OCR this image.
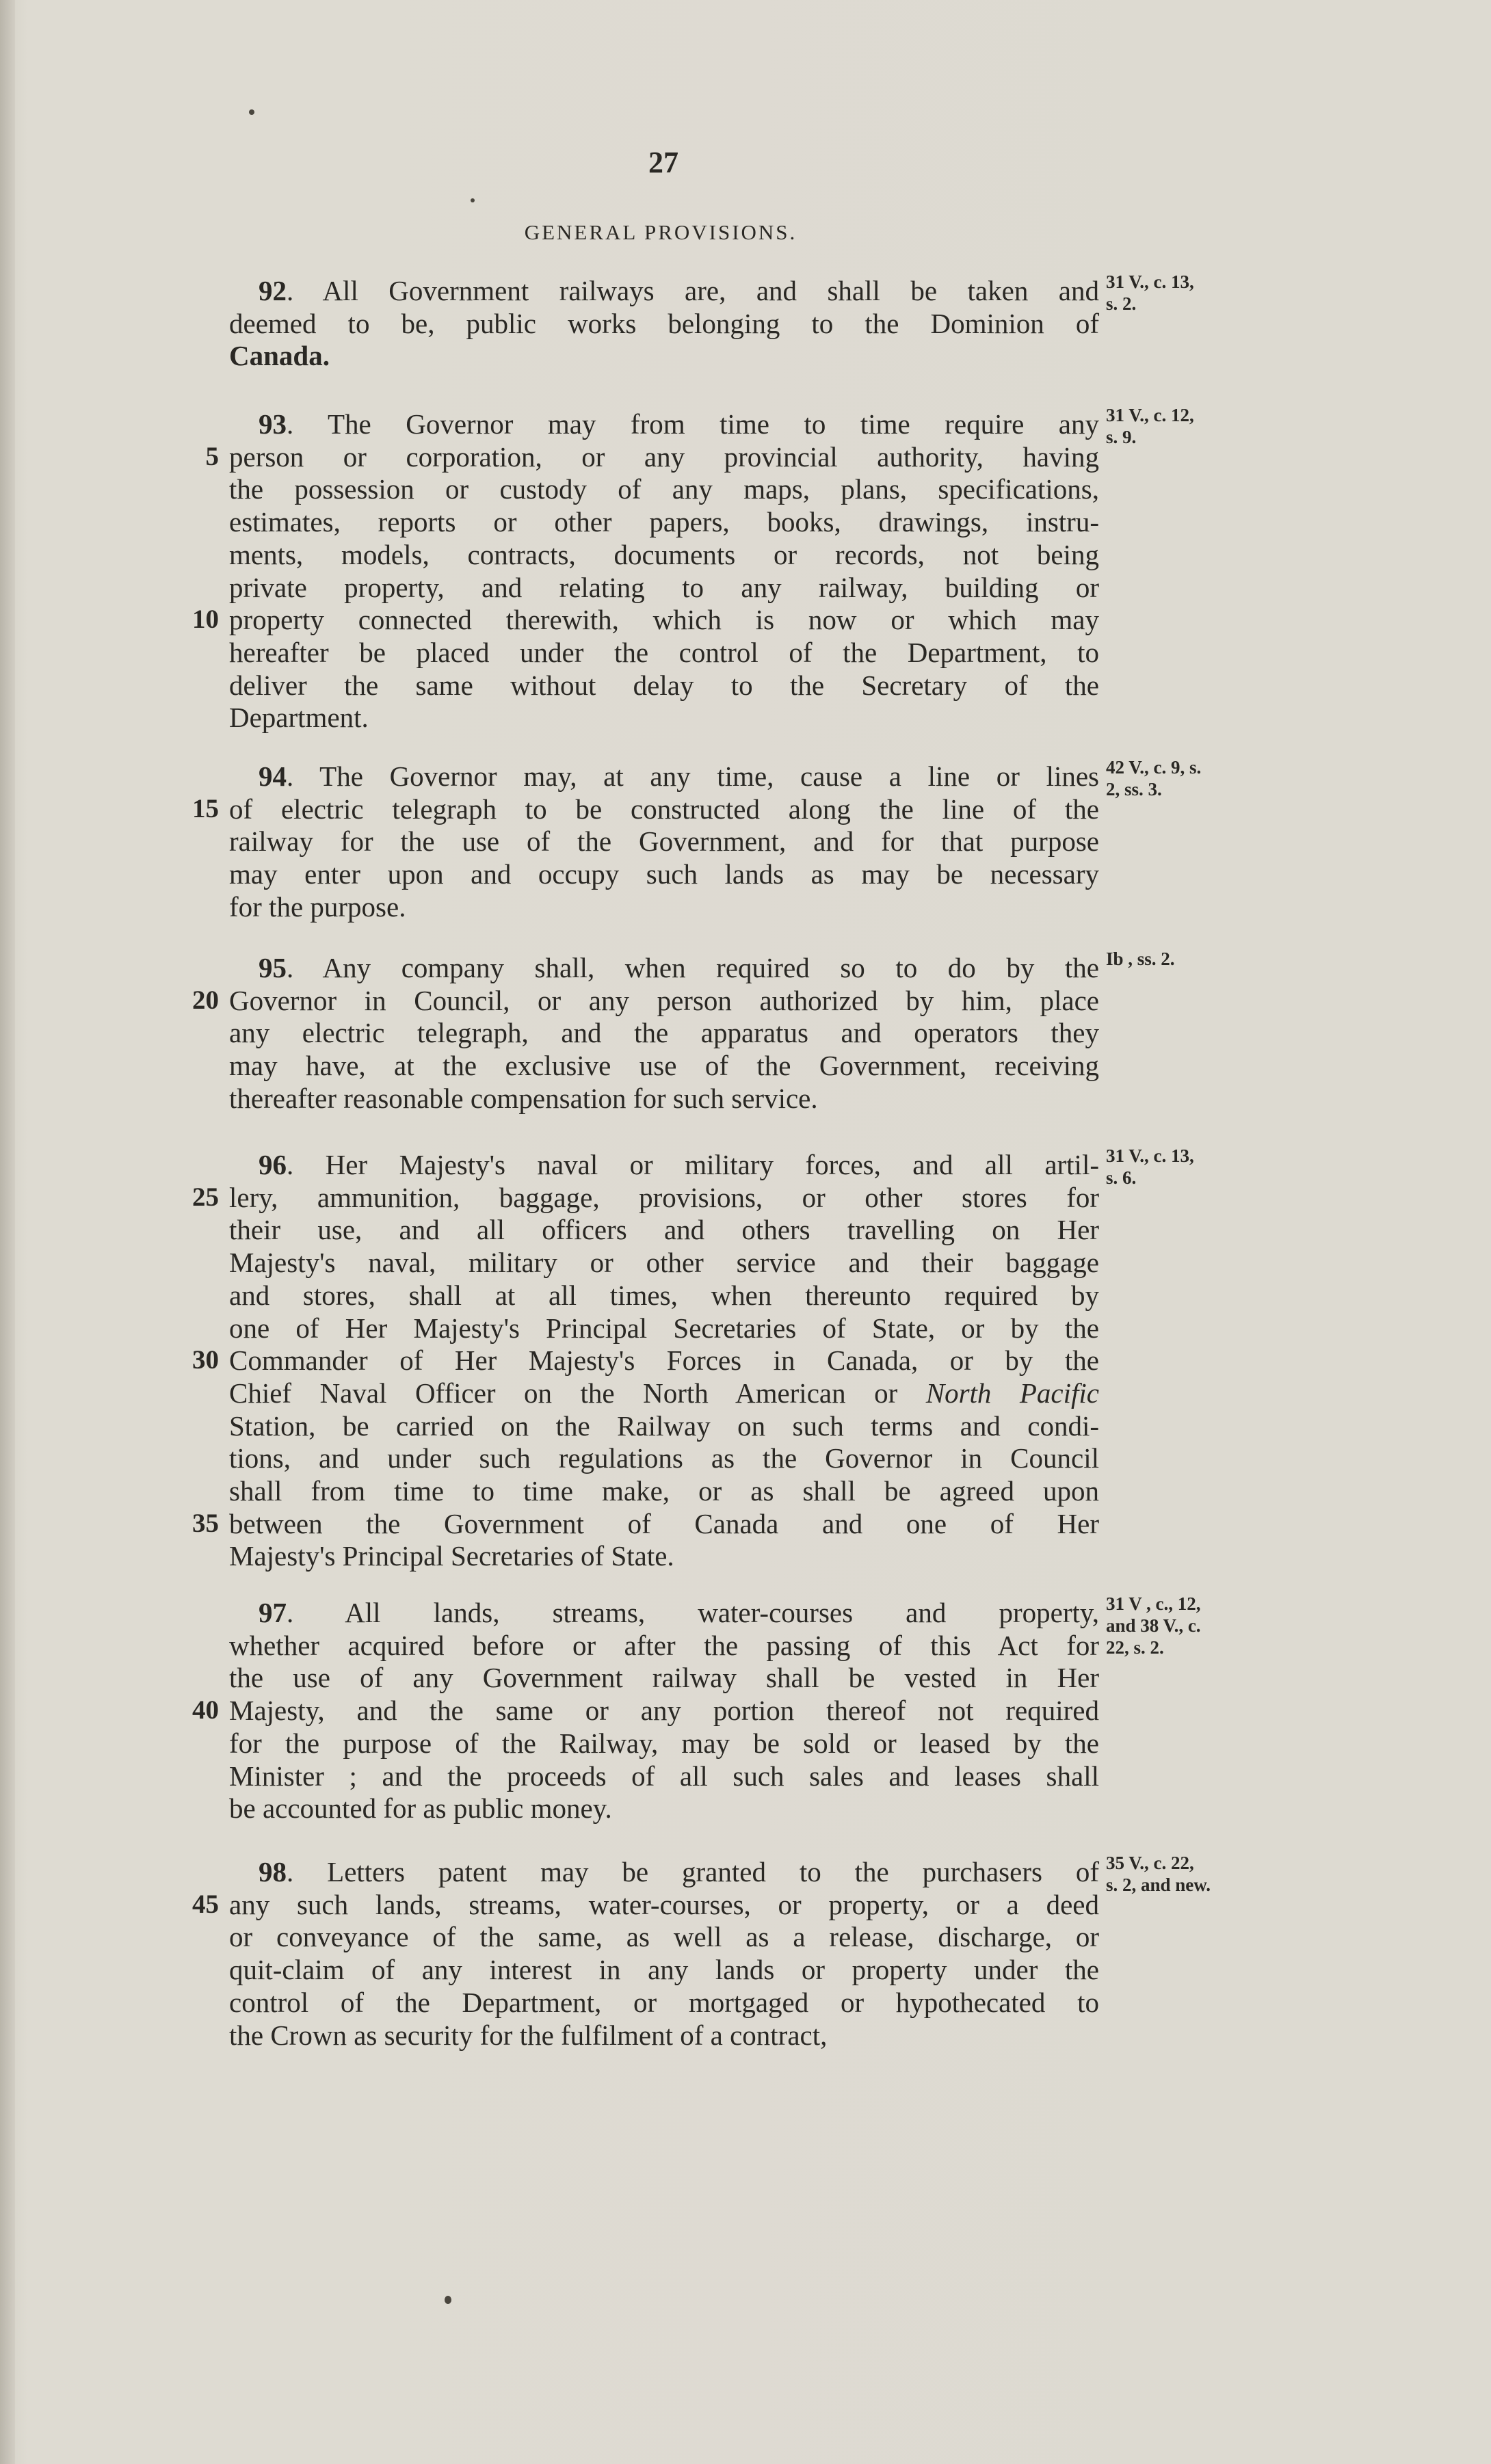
27
GENERAL PROVISIONS.
92. All Government railways are, and shall be taken and
deemed to be, public works belonging to the Dominion of
Canada.
31 V., c. 13,
s. 2.
93. The Governor may from time to time require any
5 person or corporation, or any provincial authority, having
the possession or custody of any maps, plans, specifications,
estimates, reports or other papers, books, drawings, instru-
ments, models, contracts, documents or records, not being
private property, and relating to any railway, building or
10 property connected therewith, which is now or which may
hereafter be placed under the control of the Department, to
deliver the same without delay to the Secretary of the
Department.
31 V., c. 12,
s. 9.
94. The Governor may, at any time, cause a line or lines
15 of electric telegraph to be constructed along the line of the
railway for the use of the Government, and for that purpose
may enter upon and occupy such lands as may be necessary
for the purpose.
42 V., c. 9, s.
2, ss. 3.
95. Any company shall, when required so to do by the
20 Governor in Council, or any person authorized by him, place
any electric telegraph, and the apparatus and operators they
may have, at the exclusive use of the Government, receiving
thereafter reasonable compensation for such service.
Ib , ss. 2.
96. Her Majesty's naval or military forces, and all artil-
25 lery, ammunition, baggage, provisions, or other stores for
their use, and all officers and others travelling on Her
Majesty's naval, military or other service and their baggage
and stores, shall at all times, when thereunto required by
one of Her Majesty's Principal Secretaries of State, or by the
30 Commander of Her Majesty's Forces in Canada, or by the
Chief Naval Officer on the North American or North Pacific
Station, be carried on the Railway on such terms and condi-
tions, and under such regulations as the Governor in Council
shall from time to time make, or as shall be agreed upon
35 between the Government of Canada and one of Her
Majesty's Principal Secretaries of State.
31 V., c. 13,
s. 6.
97. All lands, streams, water-courses and property,
whether acquired before or after the passing of this Act for
the use of any Government railway shall be vested in Her
40 Majesty, and the same or any portion thereof not required
for the purpose of the Railway, may be sold or leased by the
Minister ; and the proceeds of all such sales and leases shall
be accounted for as public money.
31 V , c., 12,
and 38 V., c.
22, s. 2.
98. Letters patent may be granted to the purchasers of
45 any such lands, streams, water-courses, or property, or a deed
or conveyance of the same, as well as a release, discharge, or
quit-claim of any interest in any lands or property under the
control of the Department, or mortgaged or hypothecated to
the Crown as security for the fulfilment of a contract,
35 V., c. 22,
s. 2, and new.
